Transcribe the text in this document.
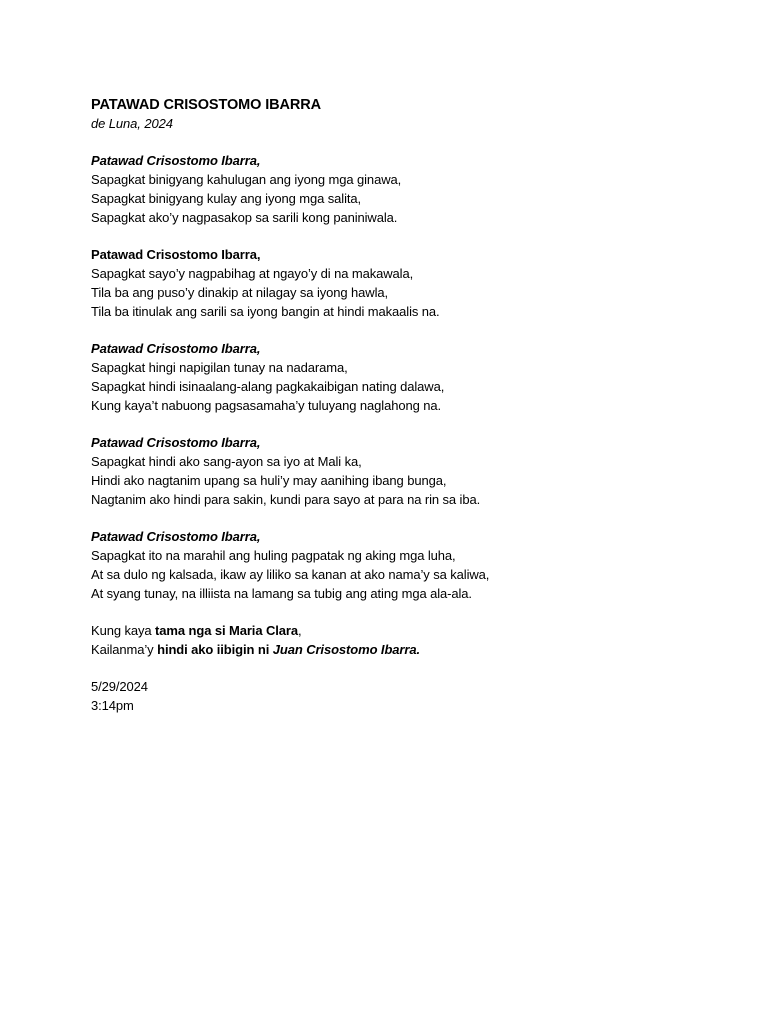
PATAWAD CRISOSTOMO IBARRA
de Luna, 2024
Patawad Crisostomo Ibarra,
Sapagkat binigyang kahulugan ang iyong mga ginawa,
Sapagkat binigyang kulay ang iyong mga salita,
Sapagkat ako’y nagpasakop sa sarili kong paniniwala.
Patawad Crisostomo Ibarra,
Sapagkat sayo’y nagpabihag at ngayo’y di na makawala,
Tila ba ang puso’y dinakip at nilagay sa iyong hawla,
Tila ba itinulak ang sarili sa iyong bangin at hindi makaalis na.
Patawad Crisostomo Ibarra,
Sapagkat hingi napigilan tunay na nadarama,
Sapagkat hindi isinaalang-alang pagkakaibigan nating dalawa,
Kung kaya’t nabuong pagsasamaha’y tuluyang naglahong na.
Patawad Crisostomo Ibarra,
Sapagkat hindi ako sang-ayon sa iyo at Mali ka,
Hindi ako nagtanim upang sa huli’y may aanihing ibang bunga,
Nagtanim ako hindi para sakin, kundi para sayo at para na rin sa iba.
Patawad Crisostomo Ibarra,
Sapagkat ito na marahil ang huling pagpatak ng aking mga luha,
At sa dulo ng kalsada, ikaw ay liliko sa kanan at ako nama’y sa kaliwa,
At syang tunay, na illiista na lamang sa tubig ang ating mga ala-ala.
Kung kaya tama nga si Maria Clara,
Kailanma’y hindi ako iibigin ni Juan Crisostomo Ibarra.
5/29/2024
3:14pm
